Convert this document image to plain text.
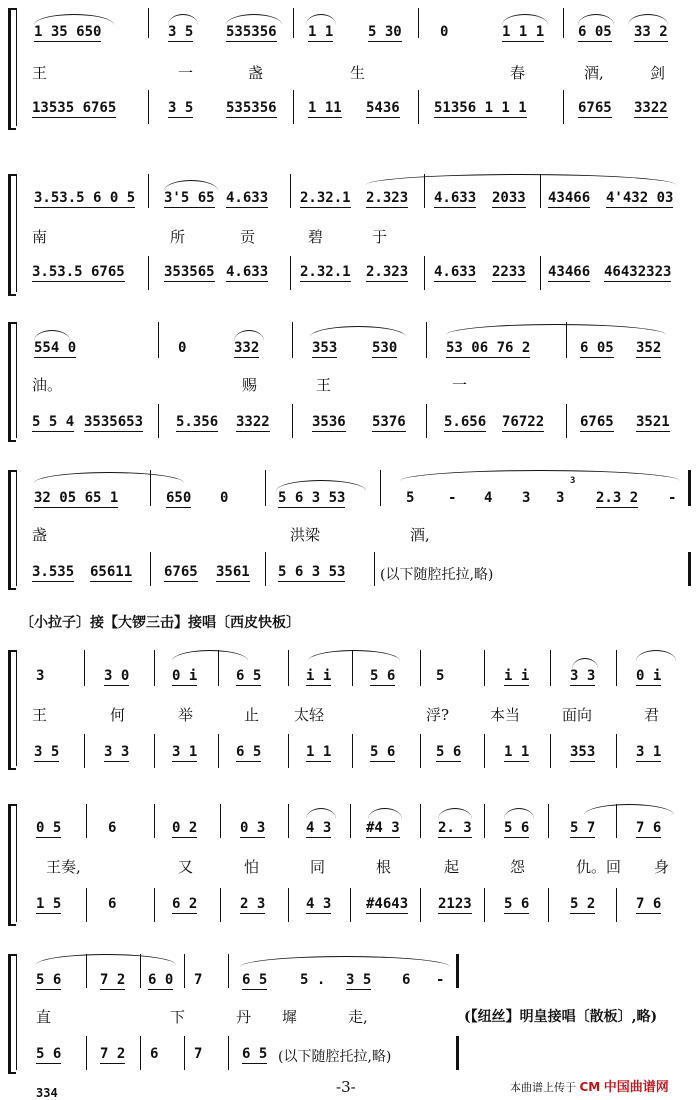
1 35 650	3 5 535356 1 1 5 30	0	1 1 1 6 05 33 2
王	一	盏	生	春	酒,	剑
13535 6765	3 5 535356 1 11 5436 51356 1 1 1	6765 3322
3.53.5 6 0 5 3'5 65 4.633 2.32.1 2.323 4.633 2033 43466 4'432 03
南	所	贡	碧	于
3.53.5 6765	353565 4.633 2.32.1 2.323 4.633 2233 43466 46432323
554 0	0	332	353 530	53 06 76 2	6 05 352
油。	赐	王	一
5 5 4 3535653 5.356 3322	3536 5376	5.656 76722	6765 3521
32 05 65 1	650 0	5 6 3 53	5 - 4 3 3
3
2.3 2 -
盏	洪梁	酒,
3.535 65611 6765 3561 5 6 3 53 (以下随腔托拉,略)
〔小拉子〕接【大锣三击】接唱〔西皮快板〕
3	3 0	0 i	6 5	i i	5 6	5	i i	3 3	0 i
王	何	举	止 太轻	浮?	本当	面向	君
3 5	3 3	3 1	6 5	1 1	5 6	5 6	1 1	353	3 1
0 5	6	0 2	0 3	4 3 #4 3	2. 3 5 6	5 7	7 6
王奏,	又	怕	同	根	起	怨	仇。回 身
1 5	6	6 2	2 3	4 3 #4643 2123 5 6	5 2	7 6
5 6	7 2 6 0 7	6 5 5 . 3 5 6 -
直	下	丹 墀	走,	(【纽丝】明皇接唱〔散板〕,略)
5 6	7 2 6	7	6 5 (以下随腔托拉,略)
334	-3-	本曲谱上传于 CM 中国曲谱网
